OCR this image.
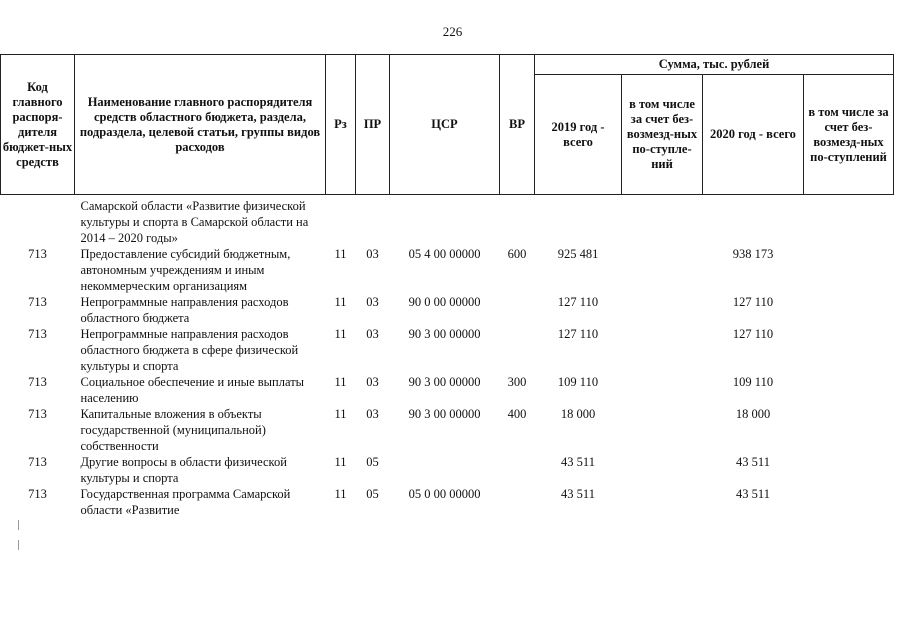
226
Код главного распоря-дителя бюджет-ных средств	Наименование главного распорядителя средств областного бюджета, раздела, подраздела, целевой статьи, группы видов расходов	Рз	ПР	ЦСР	ВР	Сумма, тыс. рублей			
						2019 год - всего	в том числе за счет без-возмезд-ных по-ступле-ний	2020 год - всего	в том числе за счет без-возмезд-ных по-ступлений
	Самарской области «Развитие физической культуры и спорта в Самарской области на 2014 – 2020 годы»								
713	Предоставление субсидий бюджетным, автономным учреждениям и иным некоммерческим организациям	11	03	05 4 00 00000	600	925 481		938 173	
713	Непрограммные направления расходов областного бюджета	11	03	90 0 00 00000		127 110		127 110	
713	Непрограммные направления расходов областного бюджета в сфере физической культуры и спорта	11	03	90 3 00 00000		127 110		127 110	
713	Социальное обеспечение и иные выплаты населению	11	03	90 3 00 00000	300	109 110		109 110	
713	Капитальные вложения в объекты государственной (муниципальной) собственности	11	03	90 3 00 00000	400	18 000		18 000	
713	Другие вопросы в области физической культуры и спорта	11	05			43 511		43 511	
713	Государственная программа Самарской области «Развитие	11	05	05 0 00 00000		43 511		43 511	
